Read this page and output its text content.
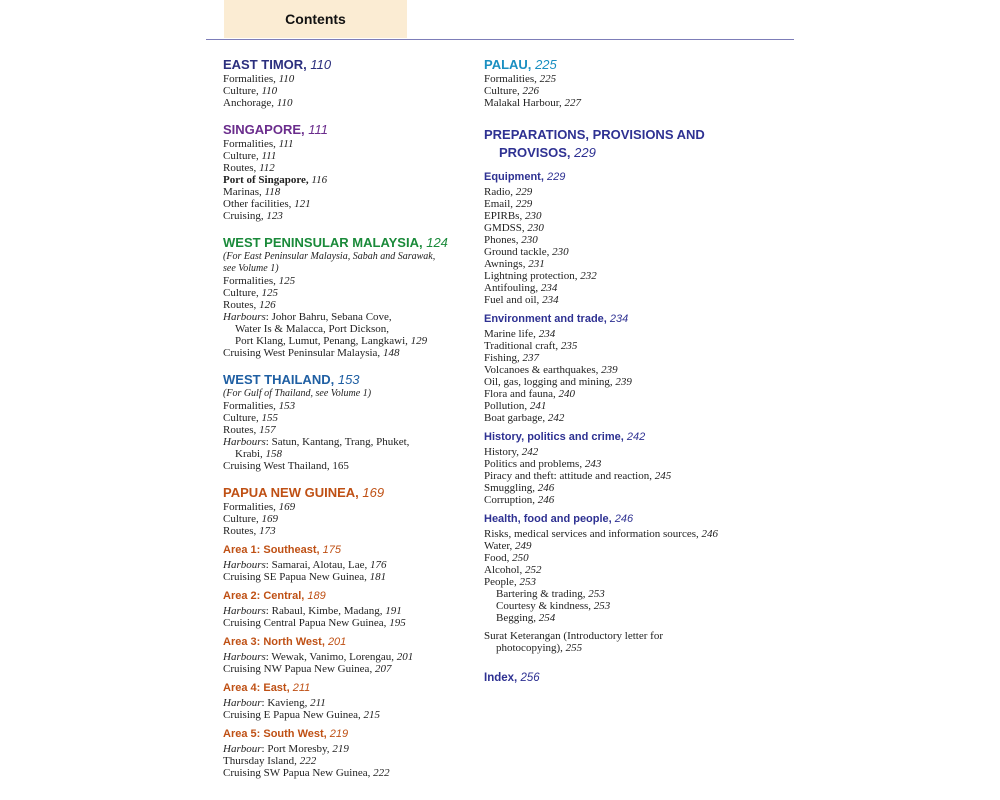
Contents
EAST TIMOR, 110
Formalities, 110
Culture, 110
Anchorage, 110
SINGAPORE, 111
Formalities, 111
Culture, 111
Routes, 112
Port of Singapore, 116
Marinas, 118
Other facilities, 121
Cruising, 123
WEST PENINSULAR MALAYSIA, 124
(For East Peninsular Malaysia, Sabah and Sarawak,
see Volume 1)
Formalities, 125
Culture, 125
Routes, 126
Harbours: Johor Bahru, Sebana Cove,
Water Is & Malacca, Port Dickson,
Port Klang, Lumut, Penang, Langkawi, 129
Cruising West Peninsular Malaysia, 148
WEST THAILAND, 153
(For Gulf of Thailand, see Volume 1)
Formalities, 153
Culture, 155
Routes, 157
Harbours: Satun, Kantang, Trang, Phuket,
Krabi, 158
Cruising West Thailand, 165
PAPUA NEW GUINEA, 169
Formalities, 169
Culture, 169
Routes, 173
Area 1: Southeast, 175
Harbours: Samarai, Alotau, Lae, 176
Cruising SE Papua New Guinea, 181
Area 2: Central, 189
Harbours: Rabaul, Kimbe, Madang, 191
Cruising Central Papua New Guinea, 195
Area 3: North West, 201
Harbours: Wewak, Vanimo, Lorengau, 201
Cruising NW Papua New Guinea, 207
Area 4: East, 211
Harbour: Kavieng, 211
Cruising E Papua New Guinea, 215
Area 5: South West, 219
Harbour: Port Moresby, 219
Thursday Island, 222
Cruising SW Papua New Guinea, 222
PALAU, 225
Formalities, 225
Culture, 226
Malakal Harbour, 227
PREPARATIONS, PROVISIONS AND
PROVISOS, 229
Equipment, 229
Radio, 229
Email, 229
EPIRBs, 230
GMDSS, 230
Phones, 230
Ground tackle, 230
Awnings, 231
Lightning protection, 232
Antifouling, 234
Fuel and oil, 234
Environment and trade, 234
Marine life, 234
Traditional craft, 235
Fishing, 237
Volcanoes & earthquakes, 239
Oil, gas, logging and mining, 239
Flora and fauna, 240
Pollution, 241
Boat garbage, 242
History, politics and crime, 242
History, 242
Politics and problems, 243
Piracy and theft: attitude and reaction, 245
Smuggling, 246
Corruption, 246
Health, food and people, 246
Risks, medical services and information sources, 246
Water, 249
Food, 250
Alcohol, 252
People, 253
Bartering & trading, 253
Courtesy & kindness, 253
Begging, 254
Surat Keterangan (Introductory letter for
photocopying), 255
Index, 256
